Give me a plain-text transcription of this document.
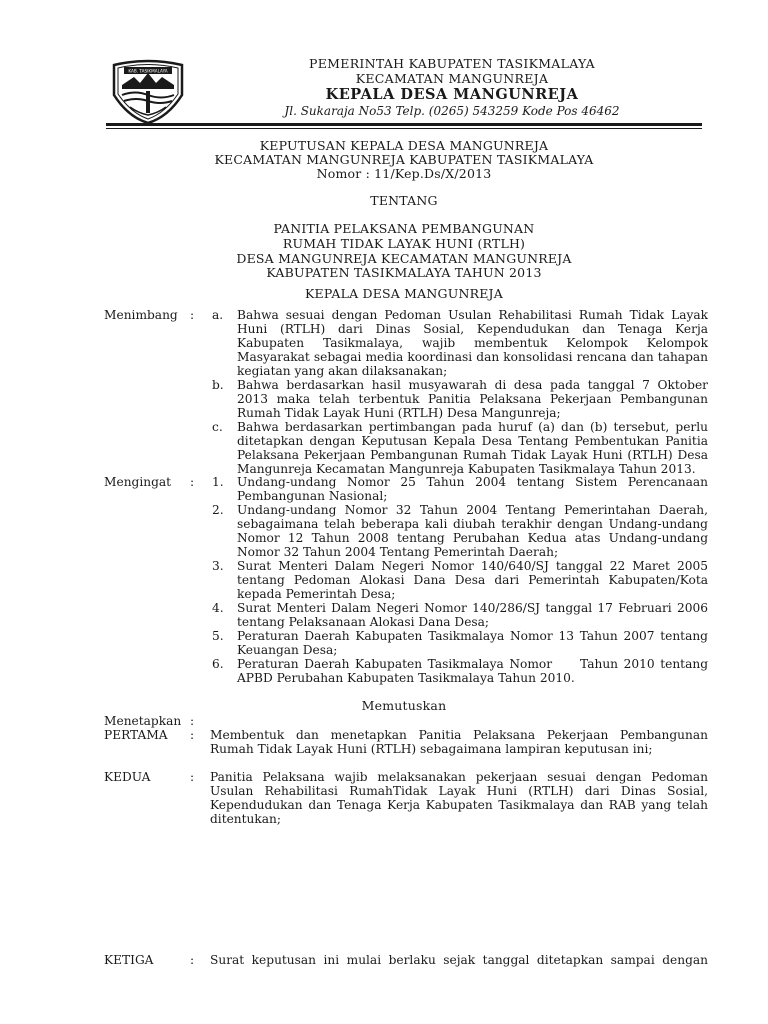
KAB. TASIKMALAYA	PEMERINTAH KABUPATEN TASIKMALAYA
KECAMATAN MANGUNREJA
KEPALA DESA MANGUNREJA
Jl. Sukaraja No53 Telp. (0265) 543259 Kode Pos 46462
KEPUTUSAN KEPALA DESA MANGUNREJA
KECAMATAN MANGUNREJA KABUPATEN TASIKMALAYA
Nomor : 11/Kep.Ds/X/2013
TENTANG
PANITIA PELAKSANA PEMBANGUNAN
RUMAH TIDAK LAYAK HUNI (RTLH)
DESA MANGUNREJA KECAMATAN MANGUNREJA
KABUPATEN TASIKMALAYA TAHUN 2013
KEPALA DESA MANGUNREJA
Menimbang : a. Bahwa sesuai dengan Pedoman Usulan Rehabilitasi Rumah Tidak Layak Huni (RTLH) dari Dinas Sosial, Kependudukan dan Tenaga Kerja Kabupaten Tasikmalaya, wajib membentuk Kelompok Kelompok Masyarakat sebagai media koordinasi dan konsolidasi rencana dan tahapan kegiatan yang akan dilaksanakan;
b. Bahwa berdasarkan hasil musyawarah di desa pada tanggal 7 Oktober 2013 maka telah terbentuk Panitia Pelaksana Pekerjaan Pembangunan Rumah Tidak Layak Huni (RTLH) Desa Mangunreja;
c. Bahwa berdasarkan pertimbangan pada huruf (a) dan (b) tersebut, perlu ditetapkan dengan Keputusan Kepala Desa Tentang Pembentukan Panitia Pelaksana Pekerjaan Pembangunan Rumah Tidak Layak Huni (RTLH) Desa Mangunreja Kecamatan Mangunreja Kabupaten Tasikmalaya Tahun 2013.
Mengingat : 1. Undang-undang Nomor 25 Tahun 2004 tentang Sistem Perencanaan Pembangunan Nasional;
2. Undang-undang Nomor 32 Tahun 2004 Tentang Pemerintahan Daerah, sebagaimana telah beberapa kali diubah terakhir dengan Undang-undang Nomor 12 Tahun 2008 tentang Perubahan Kedua atas Undang-undang Nomor 32 Tahun 2004 Tentang Pemerintah Daerah;
3. Surat Menteri Dalam Negeri Nomor 140/640/SJ tanggal 22 Maret 2005 tentang Pedoman Alokasi Dana Desa dari Pemerintah Kabupaten/Kota kepada Pemerintah Desa;
4. Surat Menteri Dalam Negeri Nomor 140/286/SJ tanggal 17 Februari 2006 tentang Pelaksanaan Alokasi Dana Desa;
5. Peraturan Daerah Kabupaten Tasikmalaya Nomor 13 Tahun 2007 tentang Keuangan Desa;
6. Peraturan Daerah Kabupaten Tasikmalaya Nomor     Tahun 2010 tentang APBD Perubahan Kabupaten Tasikmalaya Tahun 2010.
Memutuskan
Menetapkan :
PERTAMA : Membentuk dan menetapkan Panitia Pelaksana Pekerjaan Pembangunan Rumah Tidak Layak Huni (RTLH) sebagaimana lampiran keputusan ini;
KEDUA	: Panitia Pelaksana wajib melaksanakan pekerjaan sesuai dengan Pedoman Usulan Rehabilitasi RumahTidak Layak Huni (RTLH) dari Dinas Sosial, Kependudukan dan Tenaga Kerja Kabupaten Tasikmalaya dan RAB yang telah ditentukan;
KETIGA	: Surat keputusan ini mulai berlaku sejak tanggal ditetapkan sampai dengan
